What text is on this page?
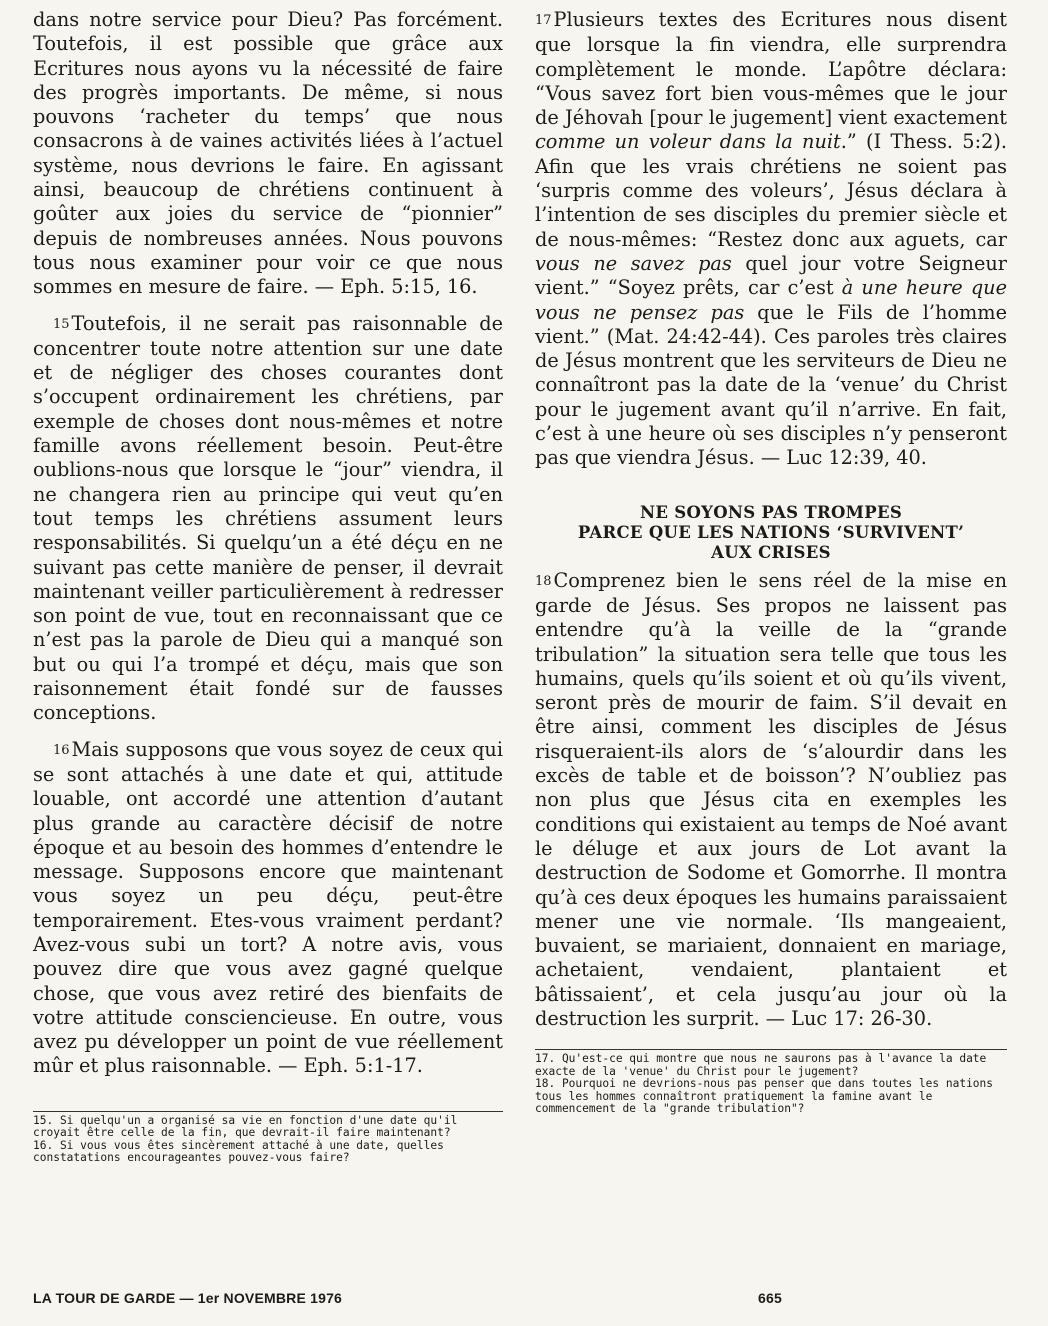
dans notre service pour Dieu? Pas forcément. Toutefois, il est possible que grâce aux Ecritures nous ayons vu la nécessité de faire des progrès importants. De même, si nous pouvons ‘racheter du temps’ que nous consacrons à de vaines activités liées à l’actuel système, nous devrions le faire. En agissant ainsi, beaucoup de chrétiens continuent à goûter aux joies du service de “pionnier” depuis de nombreuses années. Nous pouvons tous nous examiner pour voir ce que nous sommes en mesure de faire. — Eph. 5:15, 16.

15 Toutefois, il ne serait pas raisonnable de concentrer toute notre attention sur une date et de négliger des choses courantes dont s’occupent ordinairement les chrétiens, par exemple de choses dont nous-mêmes et notre famille avons réellement besoin. Peut-être oublions-nous que lorsque le “jour” viendra, il ne changera rien au principe qui veut qu’en tout temps les chrétiens assument leurs responsabilités. Si quelqu’un a été déçu en ne suivant pas cette manière de penser, il devrait maintenant veiller particulièrement à redresser son point de vue, tout en reconnaissant que ce n’est pas la parole de Dieu qui a manqué son but ou qui l’a trompé et déçu, mais que son raisonnement était fondé sur de fausses conceptions.

16 Mais supposons que vous soyez de ceux qui se sont attachés à une date et qui, attitude louable, ont accordé une attention d’autant plus grande au caractère décisif de notre époque et au besoin des hommes d’entendre le message. Supposons encore que maintenant vous soyez un peu déçu, peut-être temporairement. Etes-vous vraiment perdant? Avez-vous subi un tort? A notre avis, vous pouvez dire que vous avez gagné quelque chose, que vous avez retiré des bienfaits de votre attitude consciencieuse. En outre, vous avez pu développer un point de vue réellement mûr et plus raisonnable. — Eph. 5:1-17.

15. Si quelqu'un a organisé sa vie en fonction d'une date qu'il croyait être celle de la fin, que devrait-il faire maintenant?

16. Si vous vous êtes sincèrement attaché à une date, quelles constatations encourageantes pouvez-vous faire?

17 Plusieurs textes des Ecritures nous disent que lorsque la fin viendra, elle surprendra complètement le monde. L’apôtre déclara: “Vous savez fort bien vous-mêmes que le jour de Jéhovah [pour le jugement] vient exactement comme un voleur dans la nuit.” (I Thess. 5:2). Afin que les vrais chrétiens ne soient pas ‘surpris comme des voleurs’, Jésus déclara à l’intention de ses disciples du premier siècle et de nous-mêmes: “Restez donc aux aguets, car vous ne savez pas quel jour votre Seigneur vient.” “Soyez prêts, car c’est à une heure que vous ne pensez pas que le Fils de l’homme vient.” (Mat. 24:42-44). Ces paroles très claires de Jésus montrent que les serviteurs de Dieu ne connaîtront pas la date de la ‘venue’ du Christ pour le jugement avant qu’il n’arrive. En fait, c’est à une heure où ses disciples n’y penseront pas que viendra Jésus. — Luc 12:39, 40.

NE SOYONS PAS TROMPES
PARCE QUE LES NATIONS ‘SURVIVENT’
AUX CRISES

18 Comprenez bien le sens réel de la mise en garde de Jésus. Ses propos ne laissent pas entendre qu’à la veille de la “grande tribulation” la situation sera telle que tous les humains, quels qu’ils soient et où qu’ils vivent, seront près de mourir de faim. S’il devait en être ainsi, comment les disciples de Jésus risqueraient-ils alors de ‘s’alourdir dans les excès de table et de boisson’? N’oubliez pas non plus que Jésus cita en exemples les conditions qui existaient au temps de Noé avant le déluge et aux jours de Lot avant la destruction de Sodome et Gomorrhe. Il montra qu’à ces deux époques les humains paraissaient mener une vie normale. ‘Ils mangeaient, buvaient, se mariaient, donnaient en mariage, achetaient, vendaient, plantaient et bâtissaient’, et cela jusqu’au jour où la destruction les surprit. — Luc 17: 26-30.

17. Qu'est-ce qui montre que nous ne saurons pas à l'avance la date exacte de la 'venue' du Christ pour le jugement?

18. Pourquoi ne devrions-nous pas penser que dans toutes les nations tous les hommes connaîtront pratiquement la famine avant le commencement de la "grande tribulation"?

LA TOUR DE GARDE — 1er NOVEMBRE 1976	665
